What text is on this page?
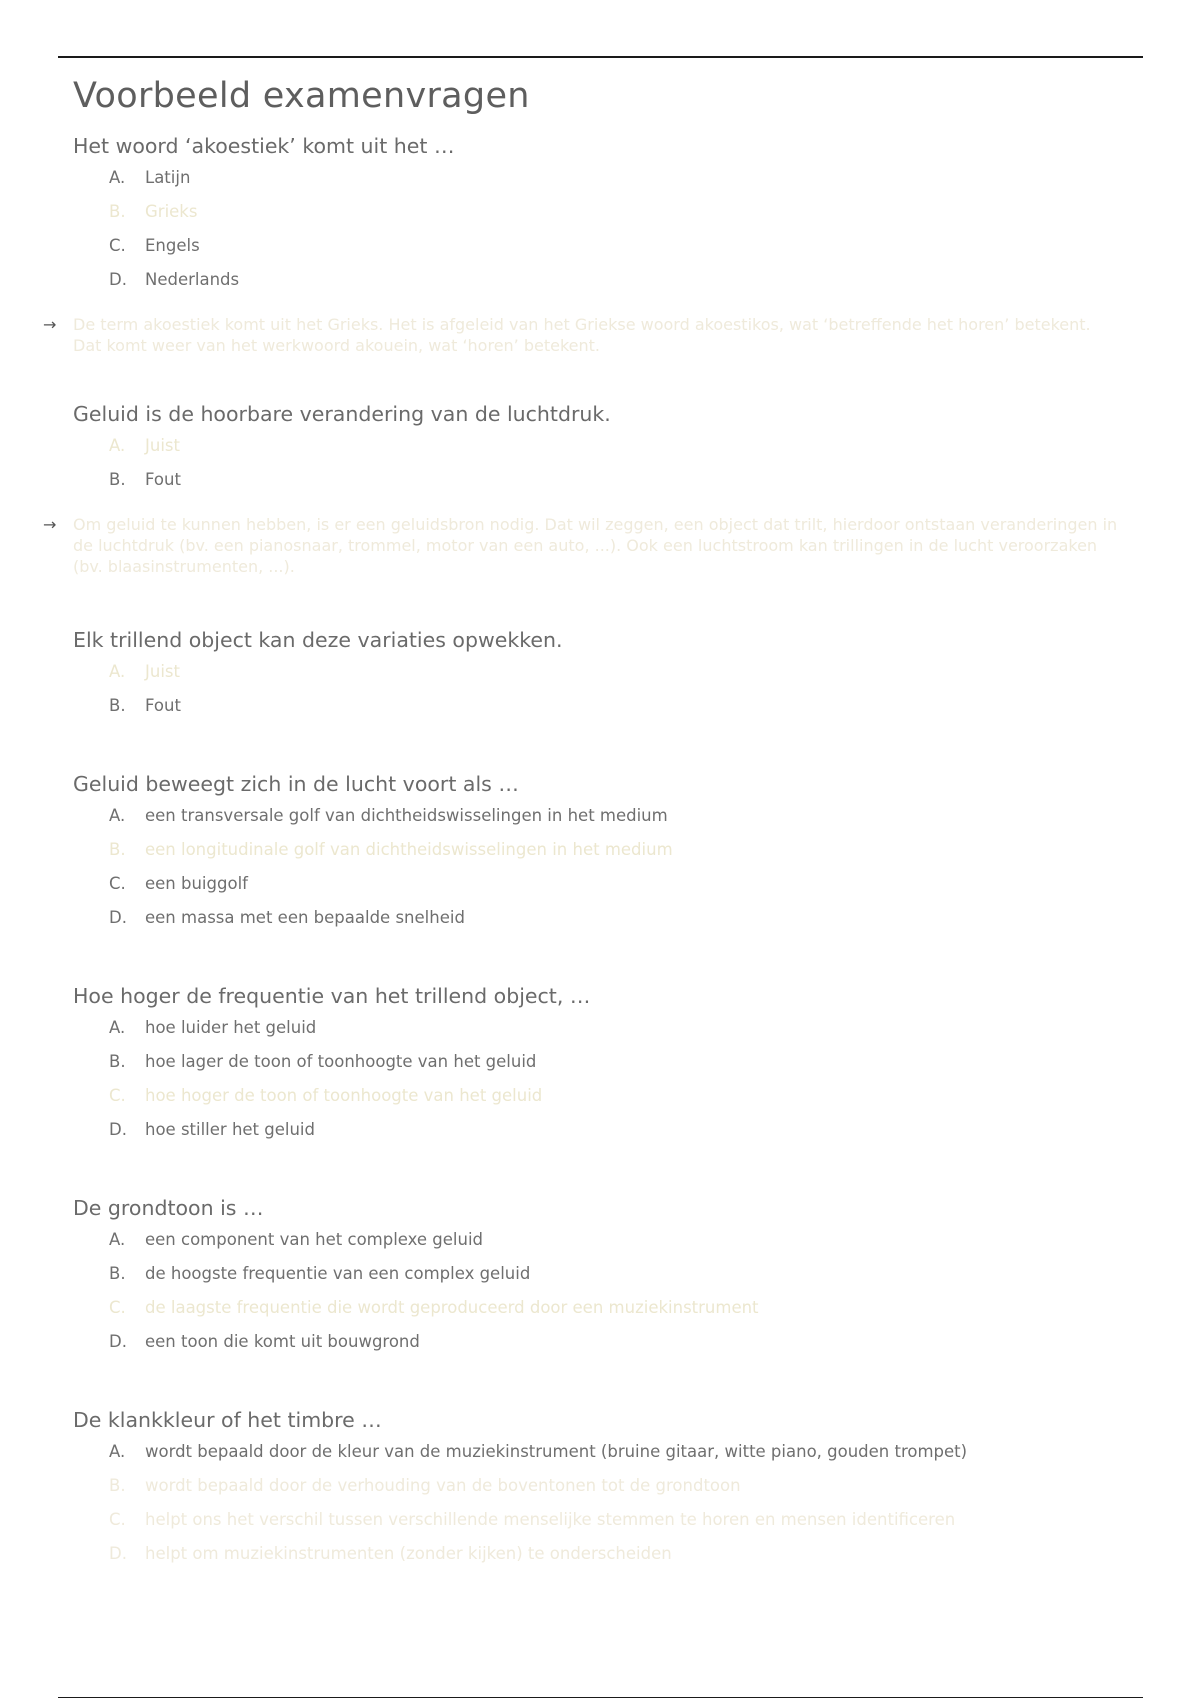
Voorbeeld examenvragen

Het woord ‘akoestiek’ komt uit het …

A.	Latijn
B.	Grieks
C.	Engels
D.	Nederlands
→ De term akoestiek komt uit het Grieks. Het is afgeleid van het Griekse woord akoestikos, wat ‘betreffende het horen’ betekent. Dat komt weer van het werkwoord akouein, wat ‘horen’ betekent.

Geluid is de hoorbare verandering van de luchtdruk.

A.	Juist
B.	Fout
→ Om geluid te kunnen hebben, is er een geluidsbron nodig. Dat wil zeggen, een object dat trilt, hierdoor ontstaan veranderingen in de luchtdruk (bv. een pianosnaar, trommel, motor van een auto, ...). Ook een luchtstroom kan trillingen in de lucht veroorzaken (bv. blaasinstrumenten, ...).

Elk trillend object kan deze variaties opwekken.

A.	Juist
B.	Fout

Geluid beweegt zich in de lucht voort als …

A.	een transversale golf van dichtheidswisselingen in het medium
B.	een longitudinale golf van dichtheidswisselingen in het medium
C.	een buiggolf
D.	een massa met een bepaalde snelheid

Hoe hoger de frequentie van het trillend object, …

A.	hoe luider het geluid
B.	hoe lager de toon of toonhoogte van het geluid
C.	hoe hoger de toon of toonhoogte van het geluid
D.	hoe stiller het geluid

De grondtoon is …

A.	een component van het complexe geluid
B.	de hoogste frequentie van een complex geluid
C.	de laagste frequentie die wordt geproduceerd door een muziekinstrument
D.	een toon die komt uit bouwgrond

De klankkleur of het timbre …

A.	wordt bepaald door de kleur van de muziekinstrument (bruine gitaar, witte piano, gouden trompet)
B.	wordt bepaald door de verhouding van de boventonen tot de grondtoon
C.	helpt ons het verschil tussen verschillende menselijke stemmen te horen en mensen identificeren
D.	helpt om muziekinstrumenten (zonder kijken) te onderscheiden
